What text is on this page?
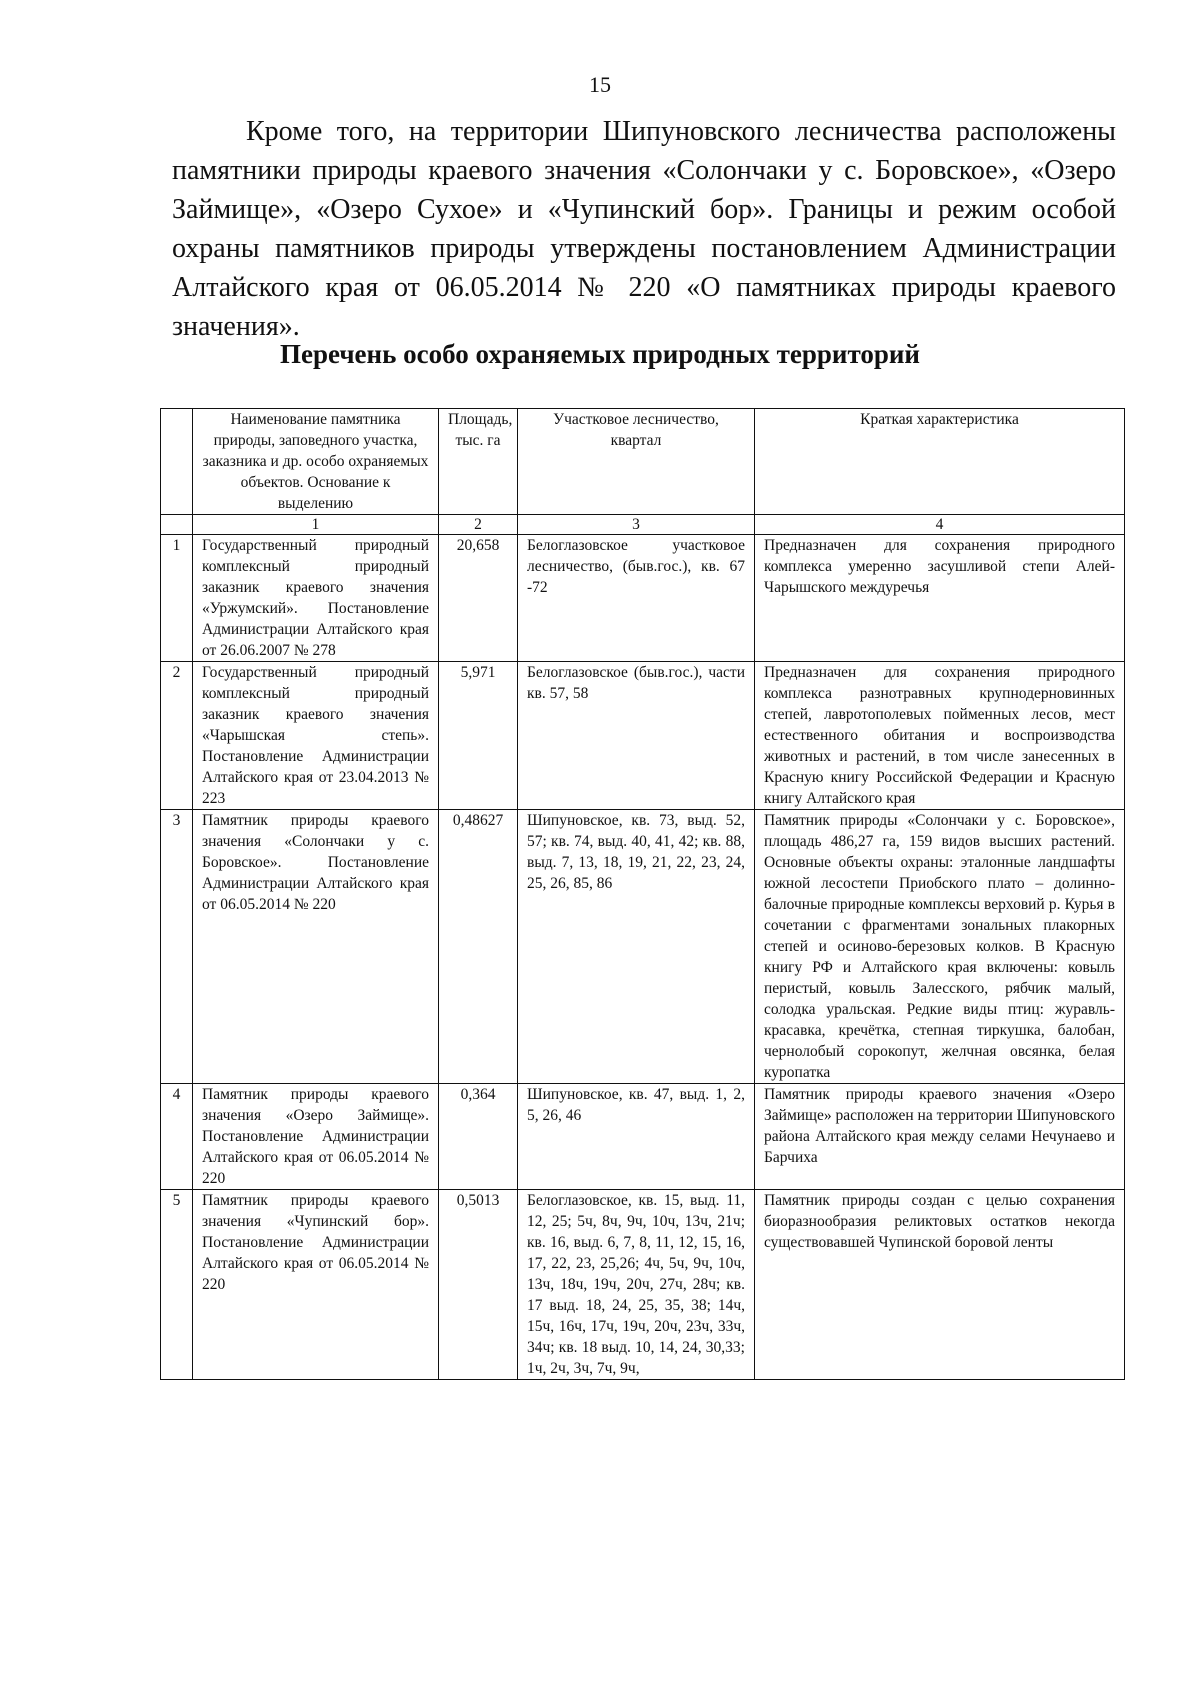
15

Кроме того, на территории Шипуновского лесничества расположены памятники природы краевого значения «Солончаки у с. Боровское», «Озеро Займище», «Озеро Сухое» и «Чупинский бор». Границы и режим особой охраны памятников природы утверждены постановлением Администрации Алтайского края от 06.05.2014 № 220 «О памятниках природы краевого значения».

Перечень особо охраняемых природных территорий
	Наименование памятника природы, заповедного участка, заказника и др. особо охраняемых объектов. Основание к выделению	Площадь, тыс. га	Участковое лесничество, квартал	Краткая характеристика
	1	2	3	4
1	Государственный природный комплексный природный заказник краевого значения «Уржумский». Постановление Администрации Алтайского края от 26.06.2007 № 278	20,658	Белоглазовское участковое лесничество, (быв.гос.), кв. 67 -72	Предназначен для сохранения природного комплекса умеренно засушливой степи Алей-Чарышского междуречья
2	Государственный природный комплексный природный заказник краевого значения «Чарышская степь». Постановление Администрации Алтайского края от 23.04.2013 № 223	5,971	Белоглазовское (быв.гос.), части кв. 57, 58	Предназначен для сохранения природного комплекса разнотравных крупнодерновинных степей, лавротополевых пойменных лесов, мест естественного обитания и воспроизводства животных и растений, в том числе занесенных в Красную книгу Российской Федерации и Красную книгу Алтайского края
3	Памятник природы краевого значения «Солончаки у с. Боровское». Постановление Администрации Алтайского края от 06.05.2014 № 220	0,48627	Шипуновское, кв. 73, выд. 52, 57; кв. 74, выд. 40, 41, 42; кв. 88, выд. 7, 13, 18, 19, 21, 22, 23, 24, 25, 26, 85, 86	Памятник природы «Солончаки у с. Боровское», площадь 486,27 га, 159 видов высших растений. Основные объекты охраны: эталонные ландшафты южной лесостепи Приобского плато – долинно-балочные природные комплексы верховий р. Курья в сочетании с фрагментами зональных плакорных степей и осиново-березовых колков. В Красную книгу РФ и Алтайского края включены: ковыль перистый, ковыль Залесского, рябчик малый, солодка уральская. Редкие виды птиц: журавль-красавка, кречётка, степная тиркушка, балобан, чернолобый сорокопут, желчная овсянка, белая куропатка
4	Памятник природы краевого значения «Озеро Займище». Постановление Администрации Алтайского края от 06.05.2014 № 220	0,364	Шипуновское, кв. 47, выд. 1, 2, 5, 26, 46	Памятник природы краевого значения «Озеро Займище» расположен на территории Шипуновского района Алтайского края между селами Нечунаево и Барчиха
5	Памятник природы краевого значения «Чупинский бор». Постановление Администрации Алтайского края от 06.05.2014 № 220	0,5013	Белоглазовское, кв. 15, выд. 11, 12, 25; 5ч, 8ч, 9ч, 10ч, 13ч, 21ч; кв. 16, выд. 6, 7, 8, 11, 12, 15, 16, 17, 22, 23, 25,26; 4ч, 5ч, 9ч, 10ч, 13ч, 18ч, 19ч, 20ч, 27ч, 28ч; кв. 17 выд. 18, 24, 25, 35, 38; 14ч, 15ч, 16ч, 17ч, 19ч, 20ч, 23ч, 33ч, 34ч; кв. 18 выд. 10, 14, 24, 30,33; 1ч, 2ч, 3ч, 7ч, 9ч,	Памятник природы создан с целью сохранения биоразнообразия реликтовых остатков некогда существовавшей Чупинской боровой ленты
